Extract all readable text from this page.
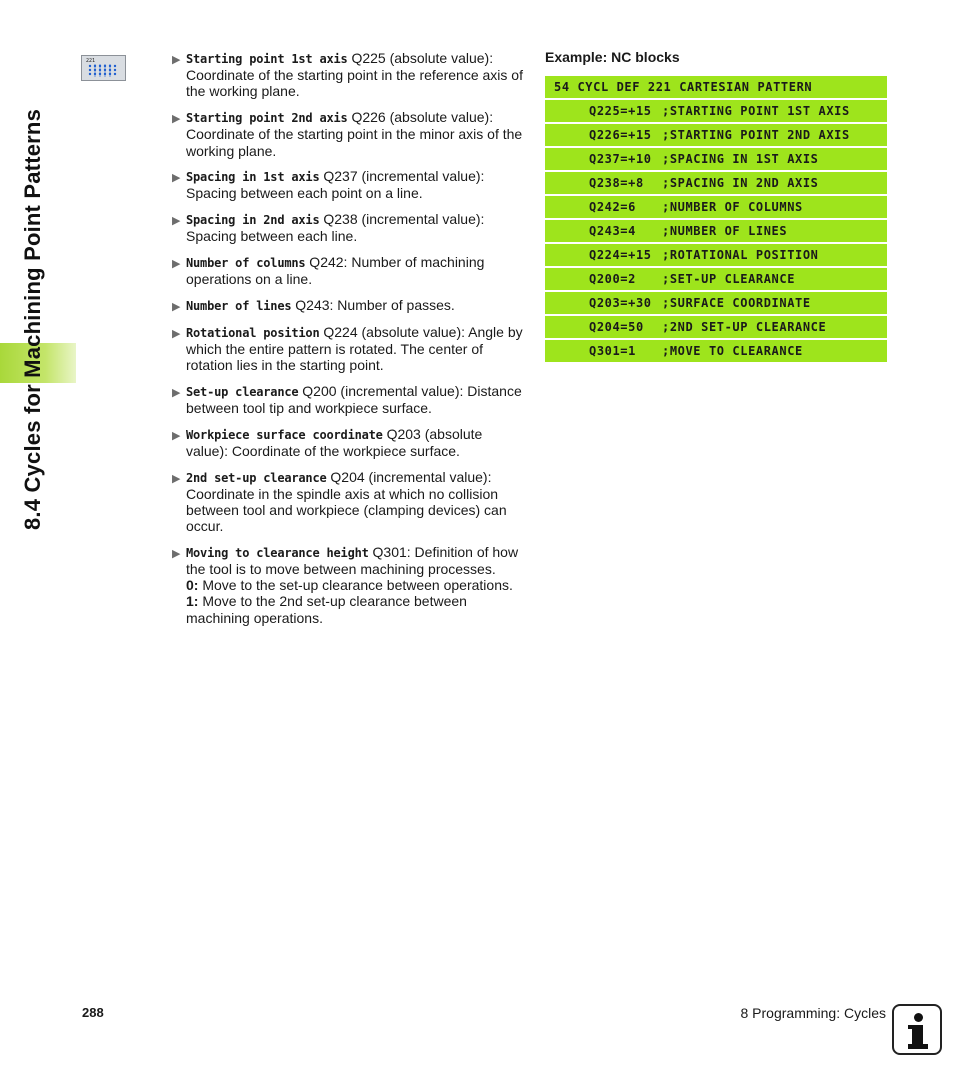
8.4 Cycles for Machining Point Patterns
221	▶ Starting point 1st axis Q225 (absolute value): Coordinate of the starting point in the reference axis of the working plane.
▶ Starting point 2nd axis Q226 (absolute value): Coordinate of the starting point in the minor axis of the working plane.
▶ Spacing in 1st axis Q237 (incremental value): Spacing between each point on a line.
▶ Spacing in 2nd axis Q238 (incremental value): Spacing between each line.
▶ Number of columns Q242: Number of machining operations on a line.
▶ Number of lines Q243: Number of passes.
▶ Rotational position Q224 (absolute value): Angle by which the entire pattern is rotated. The center of rotation lies in the starting point.
▶ Set-up clearance Q200 (incremental value): Distance between tool tip and workpiece surface.
▶ Workpiece surface coordinate Q203 (absolute value): Coordinate of the workpiece surface.
▶ 2nd set-up clearance Q204 (incremental value): Coordinate in the spindle axis at which no collision between tool and workpiece (clamping devices) can occur.
▶ Moving to clearance height Q301: Definition of how the tool is to move between machining processes.
0: Move to the set-up clearance between operations.
1: Move to the 2nd set-up clearance between machining operations.
Example: NC blocks
54 CYCL DEF 221 CARTESIAN PATTERN
Q225=+15 ;STARTING POINT 1ST AXIS
Q226=+15 ;STARTING POINT 2ND AXIS
Q237=+10 ;SPACING IN 1ST AXIS
Q238=+8 ;SPACING IN 2ND AXIS
Q242=6 ;NUMBER OF COLUMNS
Q243=4 ;NUMBER OF LINES
Q224=+15 ;ROTATIONAL POSITION
Q200=2 ;SET-UP CLEARANCE
Q203=+30 ;SURFACE COORDINATE
Q204=50 ;2ND SET-UP CLEARANCE
Q301=1 ;MOVE TO CLEARANCE
288	8 Programming: Cycles
